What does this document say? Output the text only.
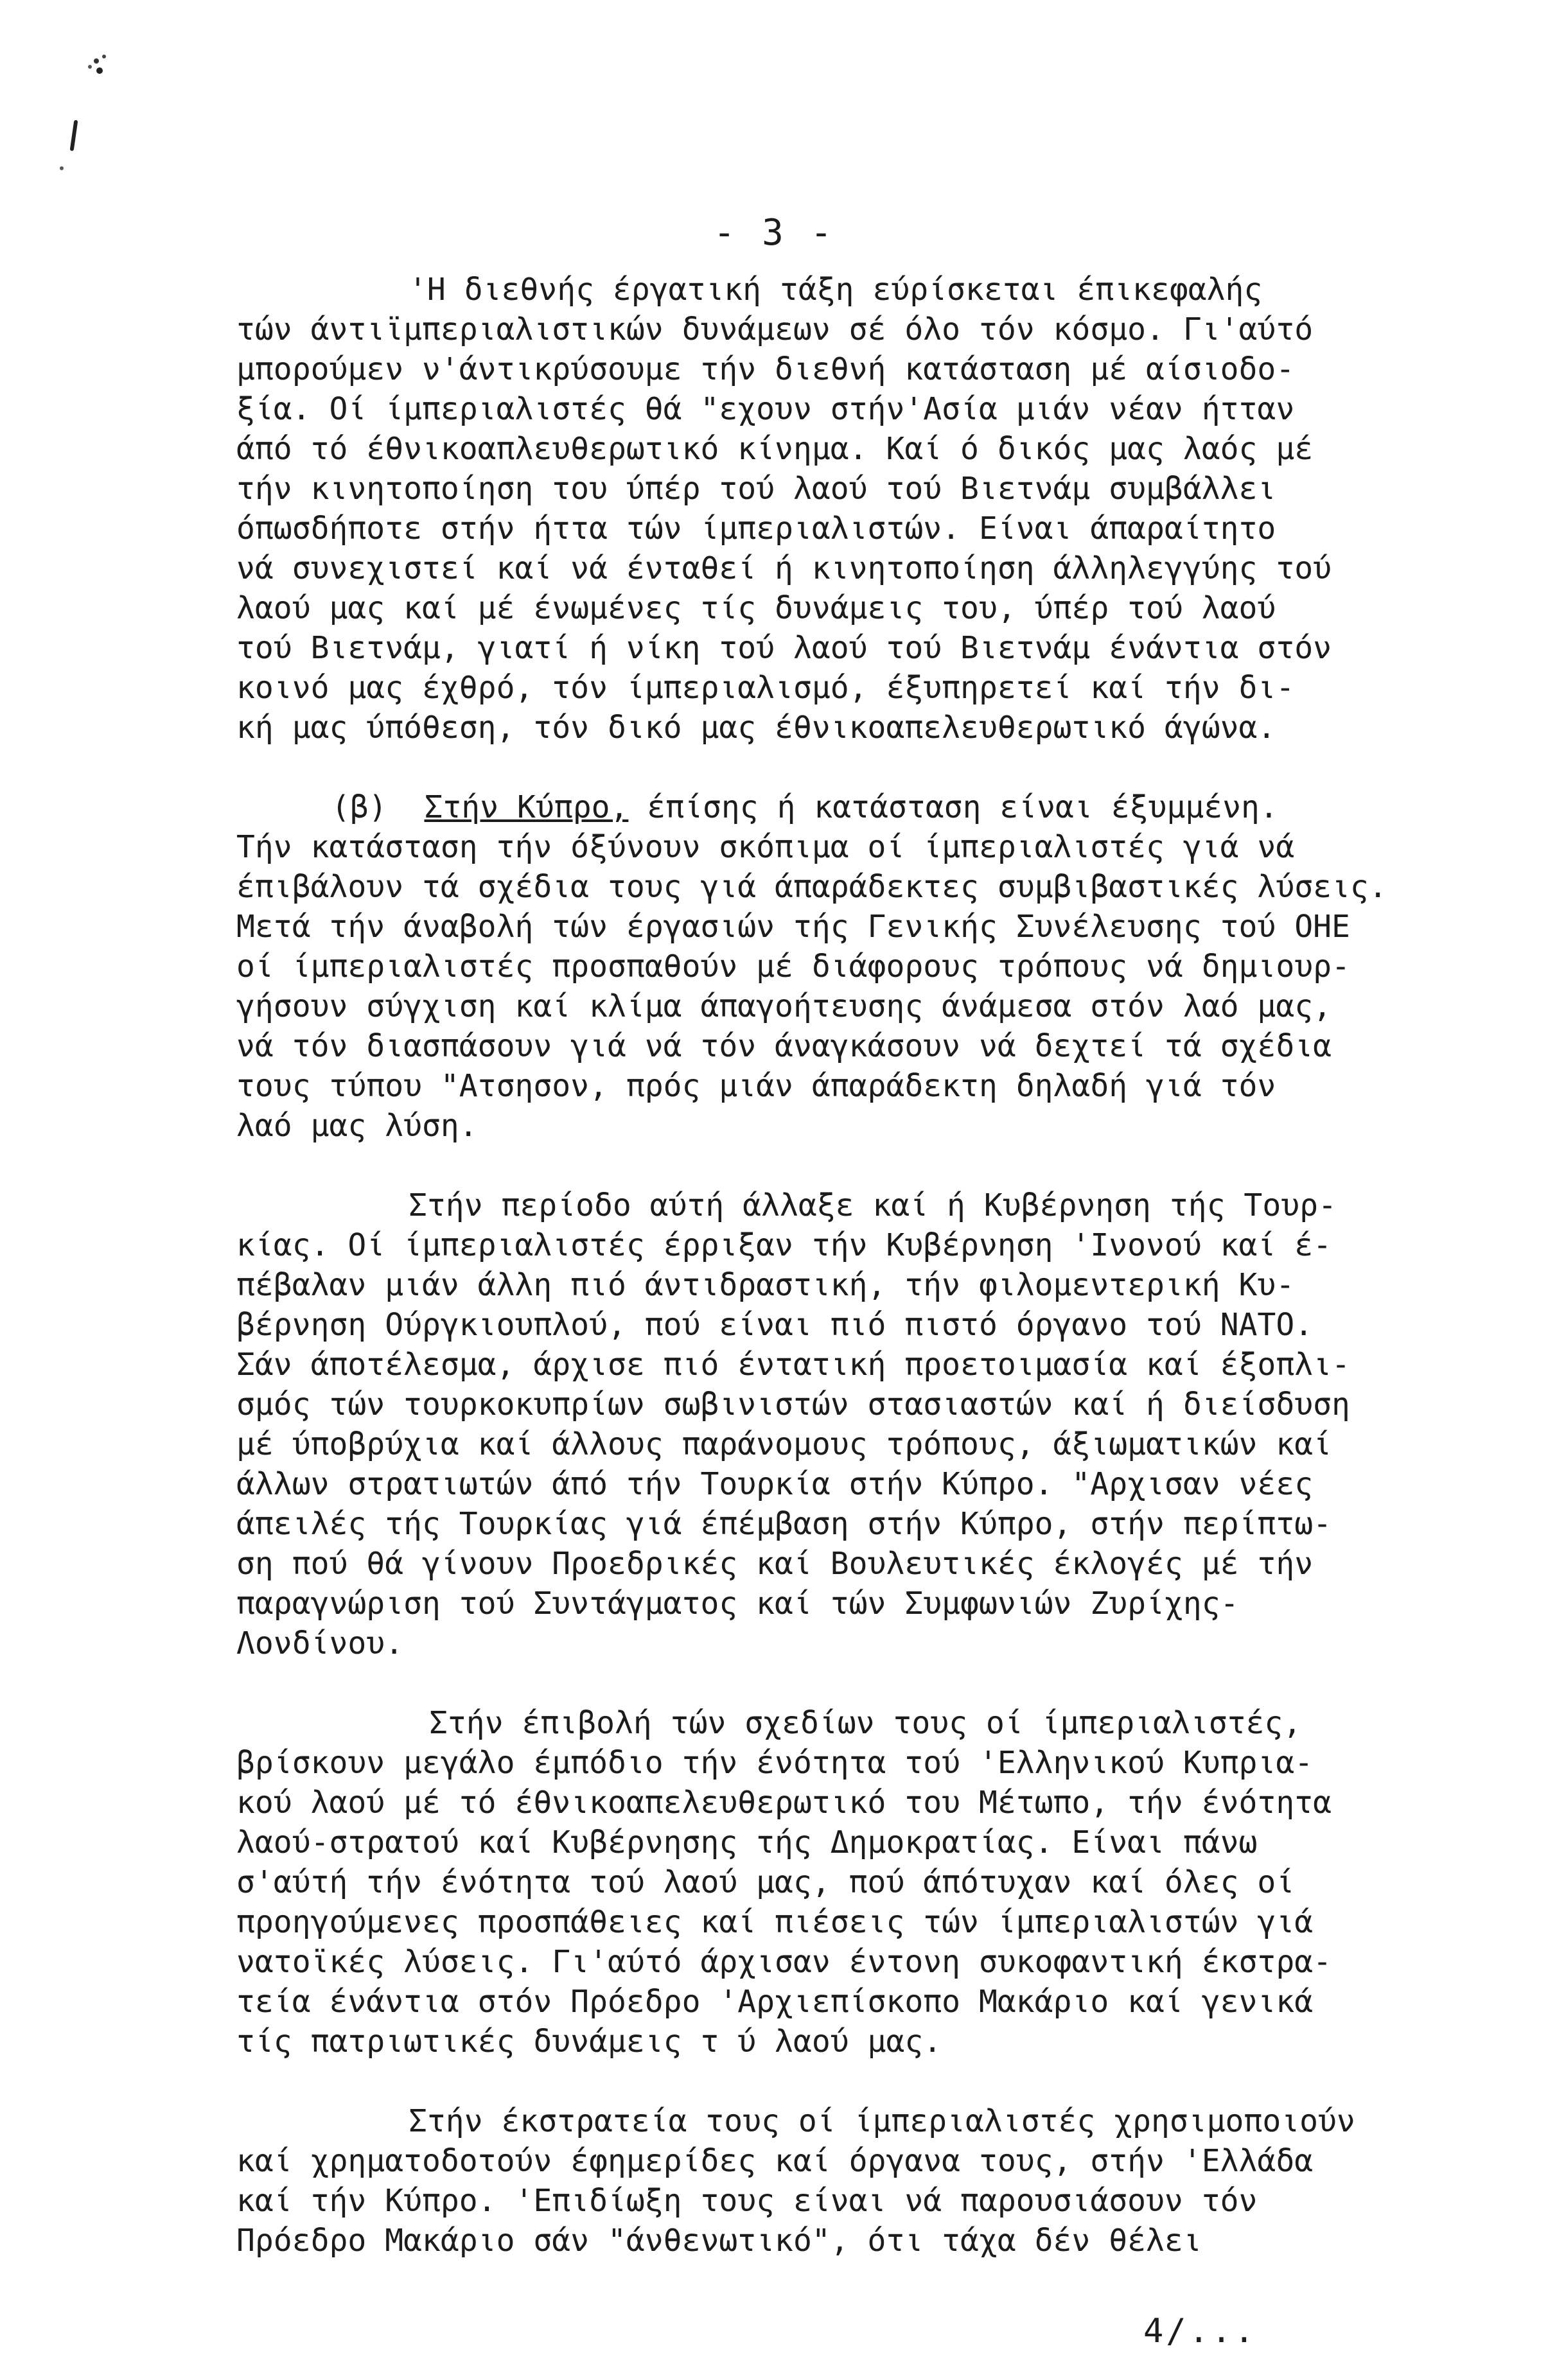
- 3 -
'Η διεθνής έργατική τάξη εύρίσκεται έπικεφαλής
τών άντιϊμπεριαλιστικών δυνάμεων σέ όλο τόν κόσμο. Γι'αύτό
μπορούμεν ν'άντικρύσουμε τήν διεθνή κατάσταση μέ αίσιοδο-
ξία. Οί ίμπεριαλιστές θά "εχουν στήν'Ασία μιάν νέαν ήτταν
άπό τό έθνικοαπλευθερωτικό κίνημα. Καί ό δικός μας λαός μέ
τήν κινητοποίηση του ύπέρ τού λαού τού Βιετνάμ συμβάλλει
όπωσδήποτε στήν ήττα τών ίμπεριαλιστών. Είναι άπαραίτητο
νά συνεχιστεί καί νά ένταθεί ή κινητοποίηση άλληλεγγύης τού
λαού μας καί μέ ένωμένες τίς δυνάμεις του, ύπέρ τού λαού
τού Βιετνάμ, γιατί ή νίκη τού λαού τού Βιετνάμ ένάντια στόν
κοινό μας έχθρό, τόν ίμπεριαλισμό, έξυπηρετεί καί τήν δι-
κή μας ύπόθεση, τόν δικό μας έθνικοαπελευθερωτικό άγώνα.
(β) Στήν Κύπρο, έπίσης ή κατάσταση είναι έξυμμένη.
Τήν κατάσταση τήν όξύνουν σκόπιμα οί ίμπεριαλιστές γιά νά
έπιβάλουν τά σχέδια τους γιά άπαράδεκτες συμβιβαστικές λύσεις.
Μετά τήν άναβολή τών έργασιών τής Γενικής Συνέλευσης τού ΟΗΕ
οί ίμπεριαλιστές προσπαθούν μέ διάφορους τρόπους νά δημιουρ-
γήσουν σύγχιση καί κλίμα άπαγοήτευσης άνάμεσα στόν λαό μας,
νά τόν διασπάσουν γιά νά τόν άναγκάσουν νά δεχτεί τά σχέδια
τους τύπου "Ατσησον, πρός μιάν άπαράδεκτη δηλαδή γιά τόν
λαό μας λύση.
Στήν περίοδο αύτή άλλαξε καί ή Κυβέρνηση τής Τουρ-
κίας. Οί ίμπεριαλιστές έρριξαν τήν Κυβέρνηση 'Ινονού καί έ-
πέβαλαν μιάν άλλη πιό άντιδραστική, τήν φιλομεντερική Κυ-
βέρνηση Ούργκιουπλού, πού είναι πιό πιστό όργανο τού ΝΑΤΟ.
Σάν άποτέλεσμα, άρχισε πιό έντατική προετοιμασία καί έξοπλι-
σμός τών τουρκοκυπρίων σωβινιστών στασιαστών καί ή διείσδυση
μέ ύποβρύχια καί άλλους παράνομους τρόπους, άξιωματικών καί
άλλων στρατιωτών άπό τήν Τουρκία στήν Κύπρο. "Αρχισαν νέες
άπειλές τής Τουρκίας γιά έπέμβαση στήν Κύπρο, στήν περίπτω-
ση πού θά γίνουν Προεδρικές καί Βουλευτικές έκλογές μέ τήν
παραγνώριση τού Συντάγματος καί τών Συμφωνιών Ζυρίχης-
Λονδίνου.
Στήν έπιβολή τών σχεδίων τους οί ίμπεριαλιστές,
βρίσκουν μεγάλο έμπόδιο τήν ένότητα τού 'Ελληνικού Κυπρια-
κού λαού μέ τό έθνικοαπελευθερωτικό του Μέτωπο, τήν ένότητα
λαού-στρατού καί Κυβέρνησης τής Δημοκρατίας. Είναι πάνω
σ'αύτή τήν ένότητα τού λαού μας, πού άπότυχαν καί όλες οί
προηγούμενες προσπάθειες καί πιέσεις τών ίμπεριαλιστών γιά
νατοϊκές λύσεις. Γι'αύτό άρχισαν έντονη συκοφαντική έκστρα-
τεία ένάντια στόν Πρόεδρο 'Αρχιεπίσκοπο Μακάριο καί γενικά
τίς πατριωτικές δυνάμεις τ ύ λαού μας.
Στήν έκστρατεία τους οί ίμπεριαλιστές χρησιμοποιούν
καί χρηματοδοτούν έφημερίδες καί όργανα τους, στήν 'Ελλάδα
καί τήν Κύπρο. 'Επιδίωξη τους είναι νά παρουσιάσουν τόν
Πρόεδρο Μακάριο σάν "άνθενωτικό", ότι τάχα δέν θέλει
4/...
